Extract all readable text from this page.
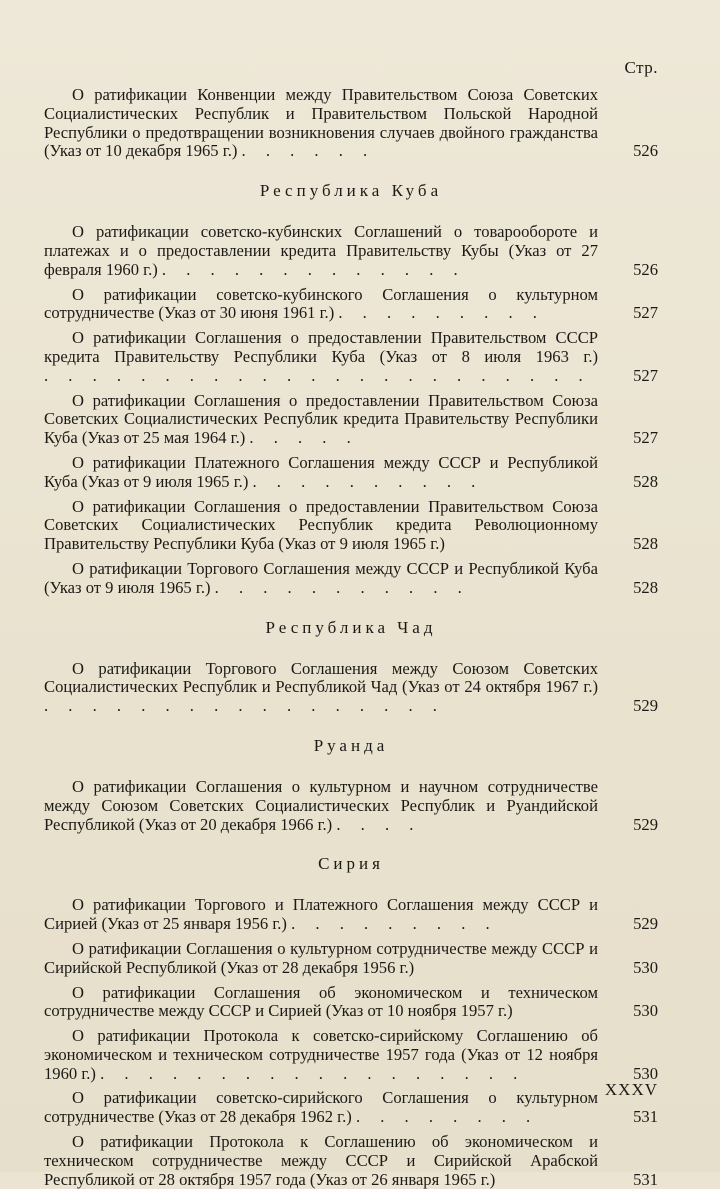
Стр.
О ратификации Конвенции между Правительством Союза Советских Социалистических Республик и Правительством Польской Народной Республики о предотвращении возникновения случаев двойного гражданства (Указ от 10 декабря 1965 г.) . . . . . .	526
Республика Куба
О ратификации советско-кубинских Соглашений о товарообороте и платежах и о предоставлении кредита Правительству Кубы (Указ от 27 февраля 1960 г.) . . . . . . . . . . . . .	526
О ратификации советско-кубинского Соглашения о культурном сотрудничестве (Указ от 30 июня 1961 г.) . . . . . . . . .	527
О ратификации Соглашения о предоставлении Правительством СССР кредита Правительству Республики Куба (Указ от 8 июля 1963 г.) . . . . . . . . . . . . . . . . . . . . . . .	527
О ратификации Соглашения о предоставлении Правительством Союза Советских Социалистических Республик кредита Правительству Республики Куба (Указ от 25 мая 1964 г.) . . . . .	527
О ратификации Платежного Соглашения между СССР и Республикой Куба (Указ от 9 июля 1965 г.) . . . . . . . . . .	528
О ратификации Соглашения о предоставлении Правительством Союза Советских Социалистических Республик кредита Революционному Правительству Республики Куба (Указ от 9 июля 1965 г.)	528
О ратификации Торгового Соглашения между СССР и Республикой Куба (Указ от 9 июля 1965 г.) . . . . . . . . . . .	528
Республика Чад
О ратификации Торгового Соглашения между Союзом Советских Социалистических Республик и Республикой Чад (Указ от 24 октября 1967 г.) . . . . . . . . . . . . . . . . .	529
Руанда
О ратификации Соглашения о культурном и научном сотрудничестве между Союзом Советских Социалистических Республик и Руандийской Республикой (Указ от 20 декабря 1966 г.) . . . .	529
Сирия
О ратификации Торгового и Платежного Соглашения между СССР и Сирией (Указ от 25 января 1956 г.) . . . . . . . . .	529
О ратификации Соглашения о культурном сотрудничестве между СССР и Сирийской Республикой (Указ от 28 декабря 1956 г.)	530
О ратификации Соглашения об экономическом и техническом сотрудничестве между СССР и Сирией (Указ от 10 ноября 1957 г.)	530
О ратификации Протокола к советско-сирийскому Соглашению об экономическом и техническом сотрудничестве 1957 года (Указ от 12 ноября 1960 г.) . . . . . . . . . . . . . . . . . .	530
О ратификации советско-сирийского Соглашения о культурном сотрудничестве (Указ от 28 декабря 1962 г.) . . . . . . . .	531
О ратификации Протокола к Соглашению об экономическом и техническом сотрудничестве между СССР и Сирийской Арабской Республикой от 28 октября 1957 года (Указ от 26 января 1965 г.)	531
XXXV
